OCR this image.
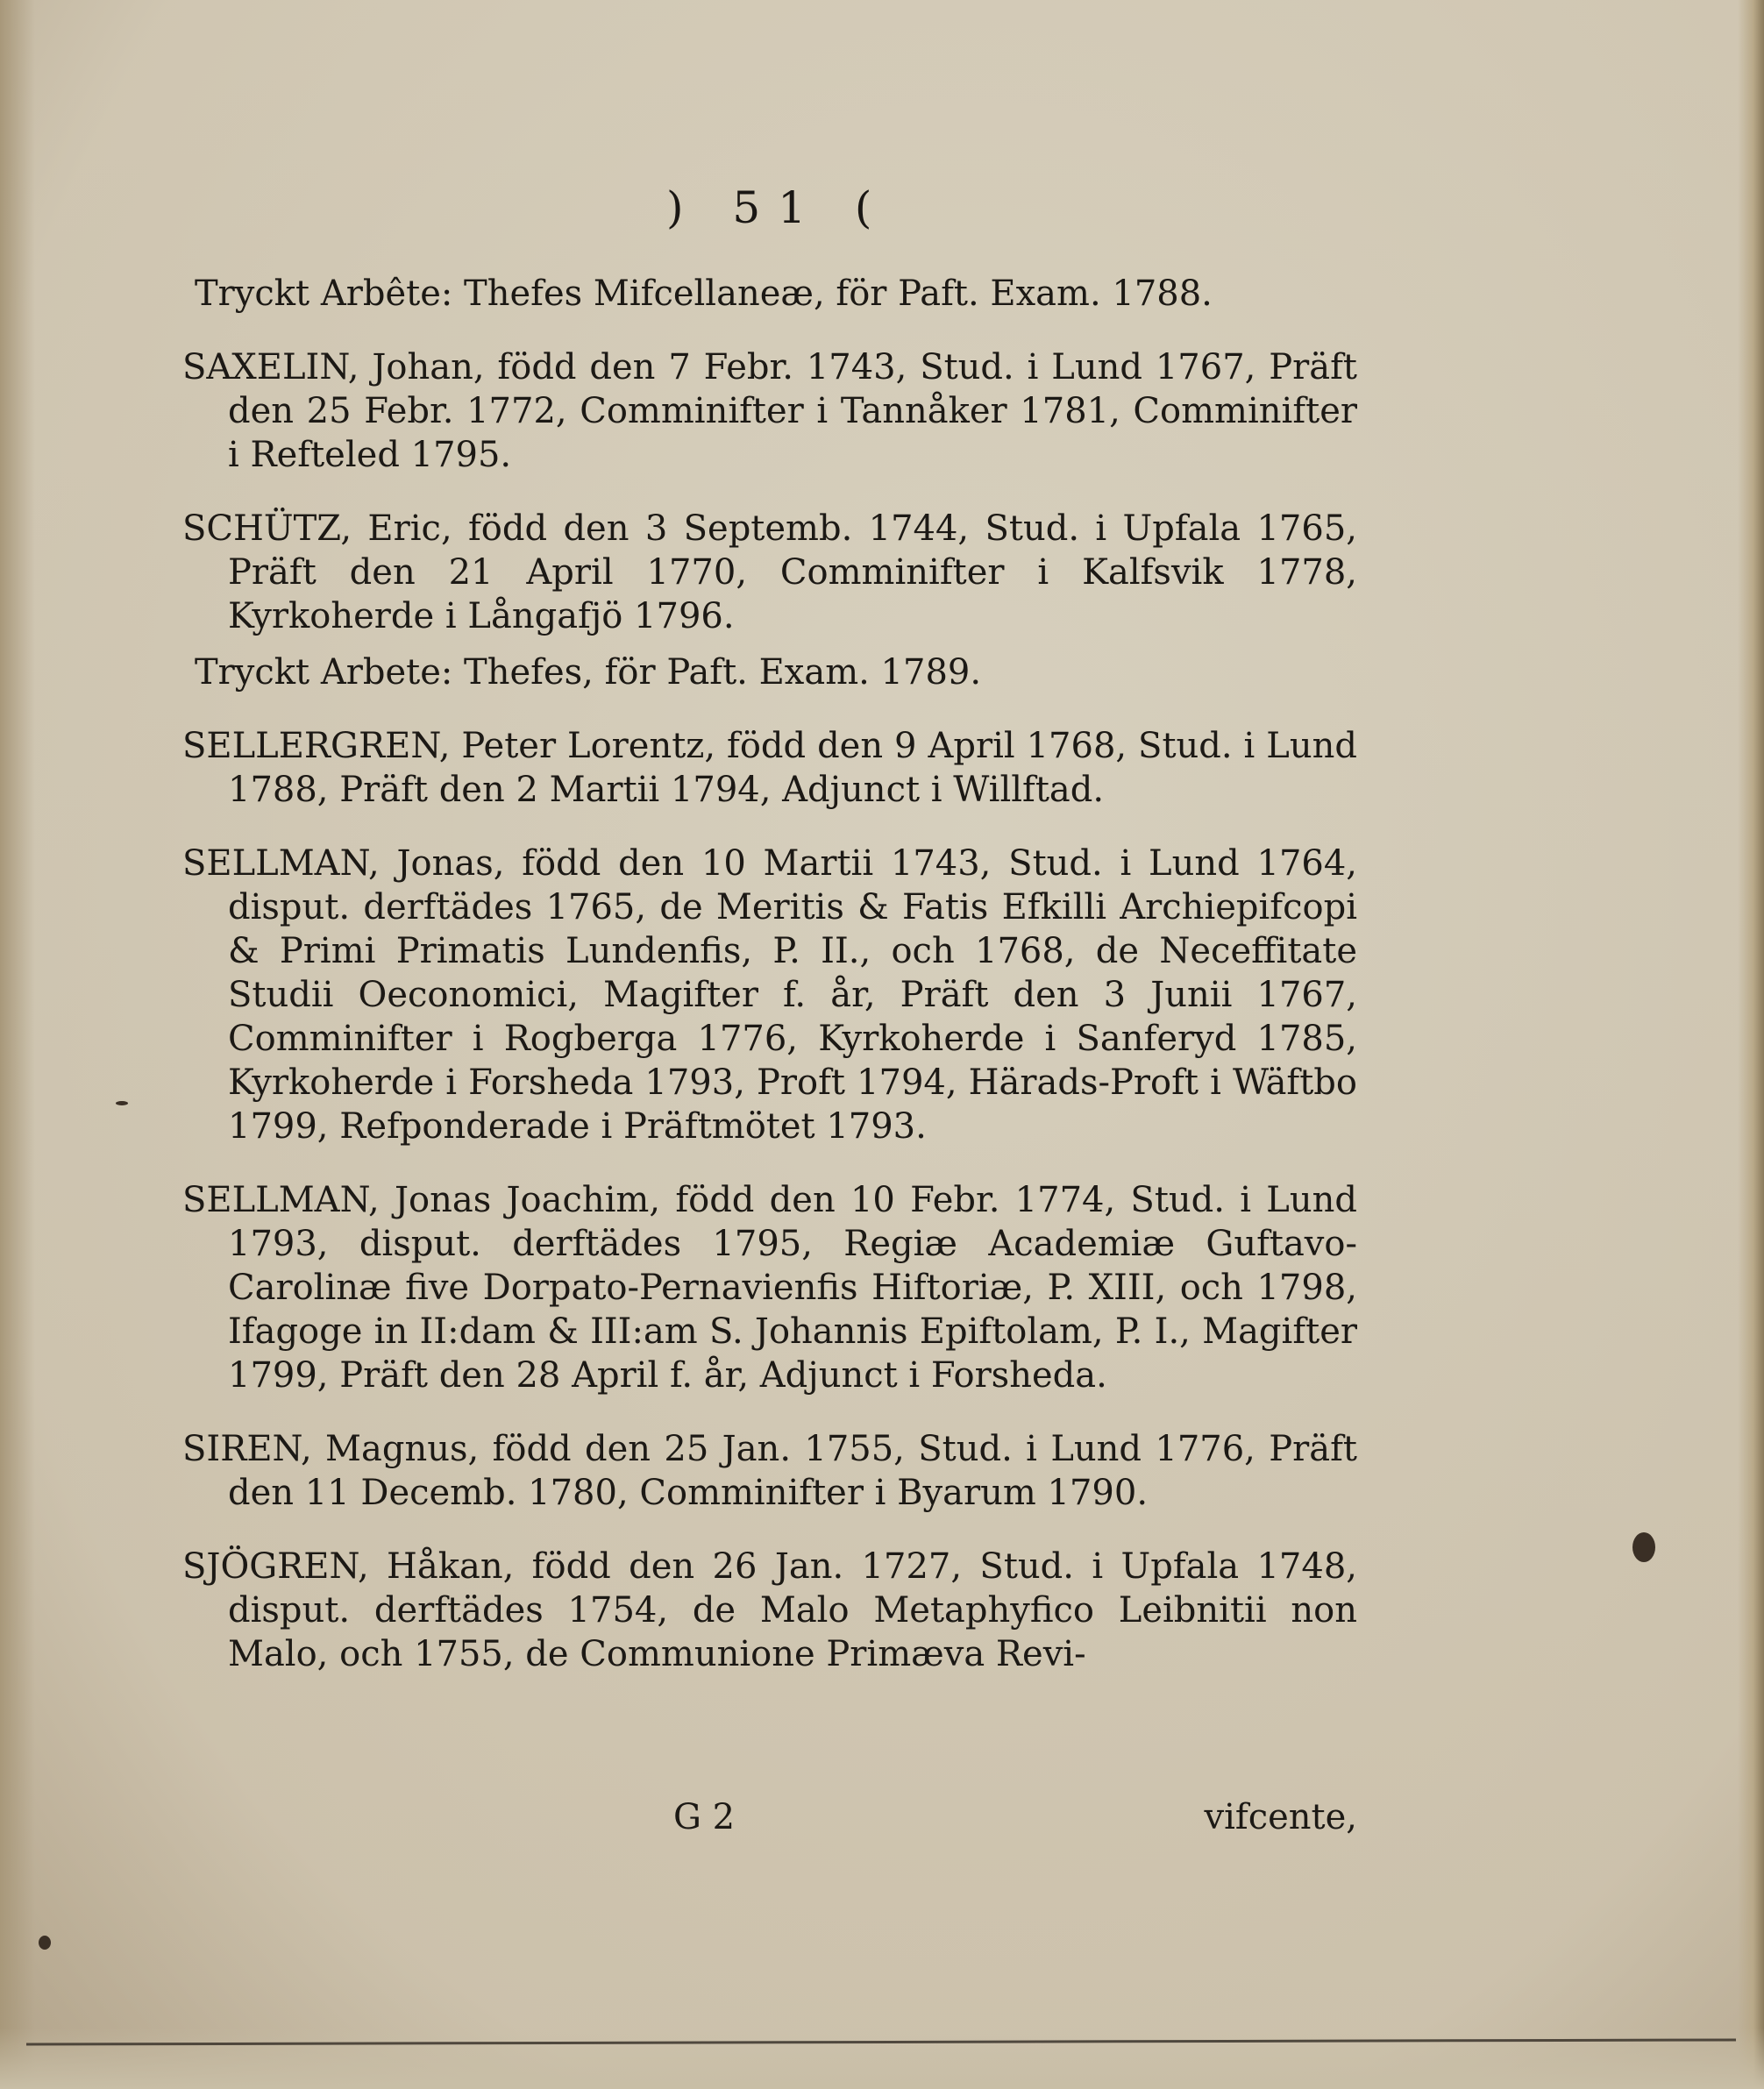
) 51 (

Tryckt Arbête: Thefes Mifcellaneæ, för Paft. Exam. 1788.

SAXELIN, Johan, född den 7 Febr. 1743, Stud. i Lund 1767, Präft den 25 Febr. 1772, Comminifter i Tannåker 1781, Comminifter i Refteled 1795.

SCHÜTZ, Eric, född den 3 Septemb. 1744, Stud. i Upfala 1765, Präft den 21 April 1770, Comminifter i Kalfsvik 1778, Kyrkoherde i Långafjö 1796.

Tryckt Arbete: Thefes, för Paft. Exam. 1789.

SELLERGREN, Peter Lorentz, född den 9 April 1768, Stud. i Lund 1788, Präft den 2 Martii 1794, Adjunct i Willftad.

SELLMAN, Jonas, född den 10 Martii 1743, Stud. i Lund 1764, disput. derftädes 1765, de Meritis & Fatis Efkilli Archiepifcopi & Primi Primatis Lundenfis, P. II., och 1768, de Neceffitate Studii Oeconomici, Magifter f. år, Präft den 3 Junii 1767, Comminifter i Rogberga 1776, Kyrkoherde i Sanferyd 1785, Kyrkoherde i Forsheda 1793, Proft 1794, Härads-Proft i Wäftbo 1799, Refponderade i Präftmötet 1793.

SELLMAN, Jonas Joachim, född den 10 Febr. 1774, Stud. i Lund 1793, disput. derftädes 1795, Regiæ Academiæ Guftavo-Carolinæ five Dorpato-Pernavienfis Hiftoriæ, P. XIII, och 1798, Ifagoge in II:dam & III:am S. Johannis Epiftolam, P. I., Magifter 1799, Präft den 28 April f. år, Adjunct i Forsheda.

SIREN, Magnus, född den 25 Jan. 1755, Stud. i Lund 1776, Präft den 11 Decemb. 1780, Comminifter i Byarum 1790.

SJÖGREN, Håkan, född den 26 Jan. 1727, Stud. i Upfala 1748, disput. derftädes 1754, de Malo Metaphyfico Leibnitii non Malo, och 1755, de Communione Primæva Revi-

G 2	vifcente,
